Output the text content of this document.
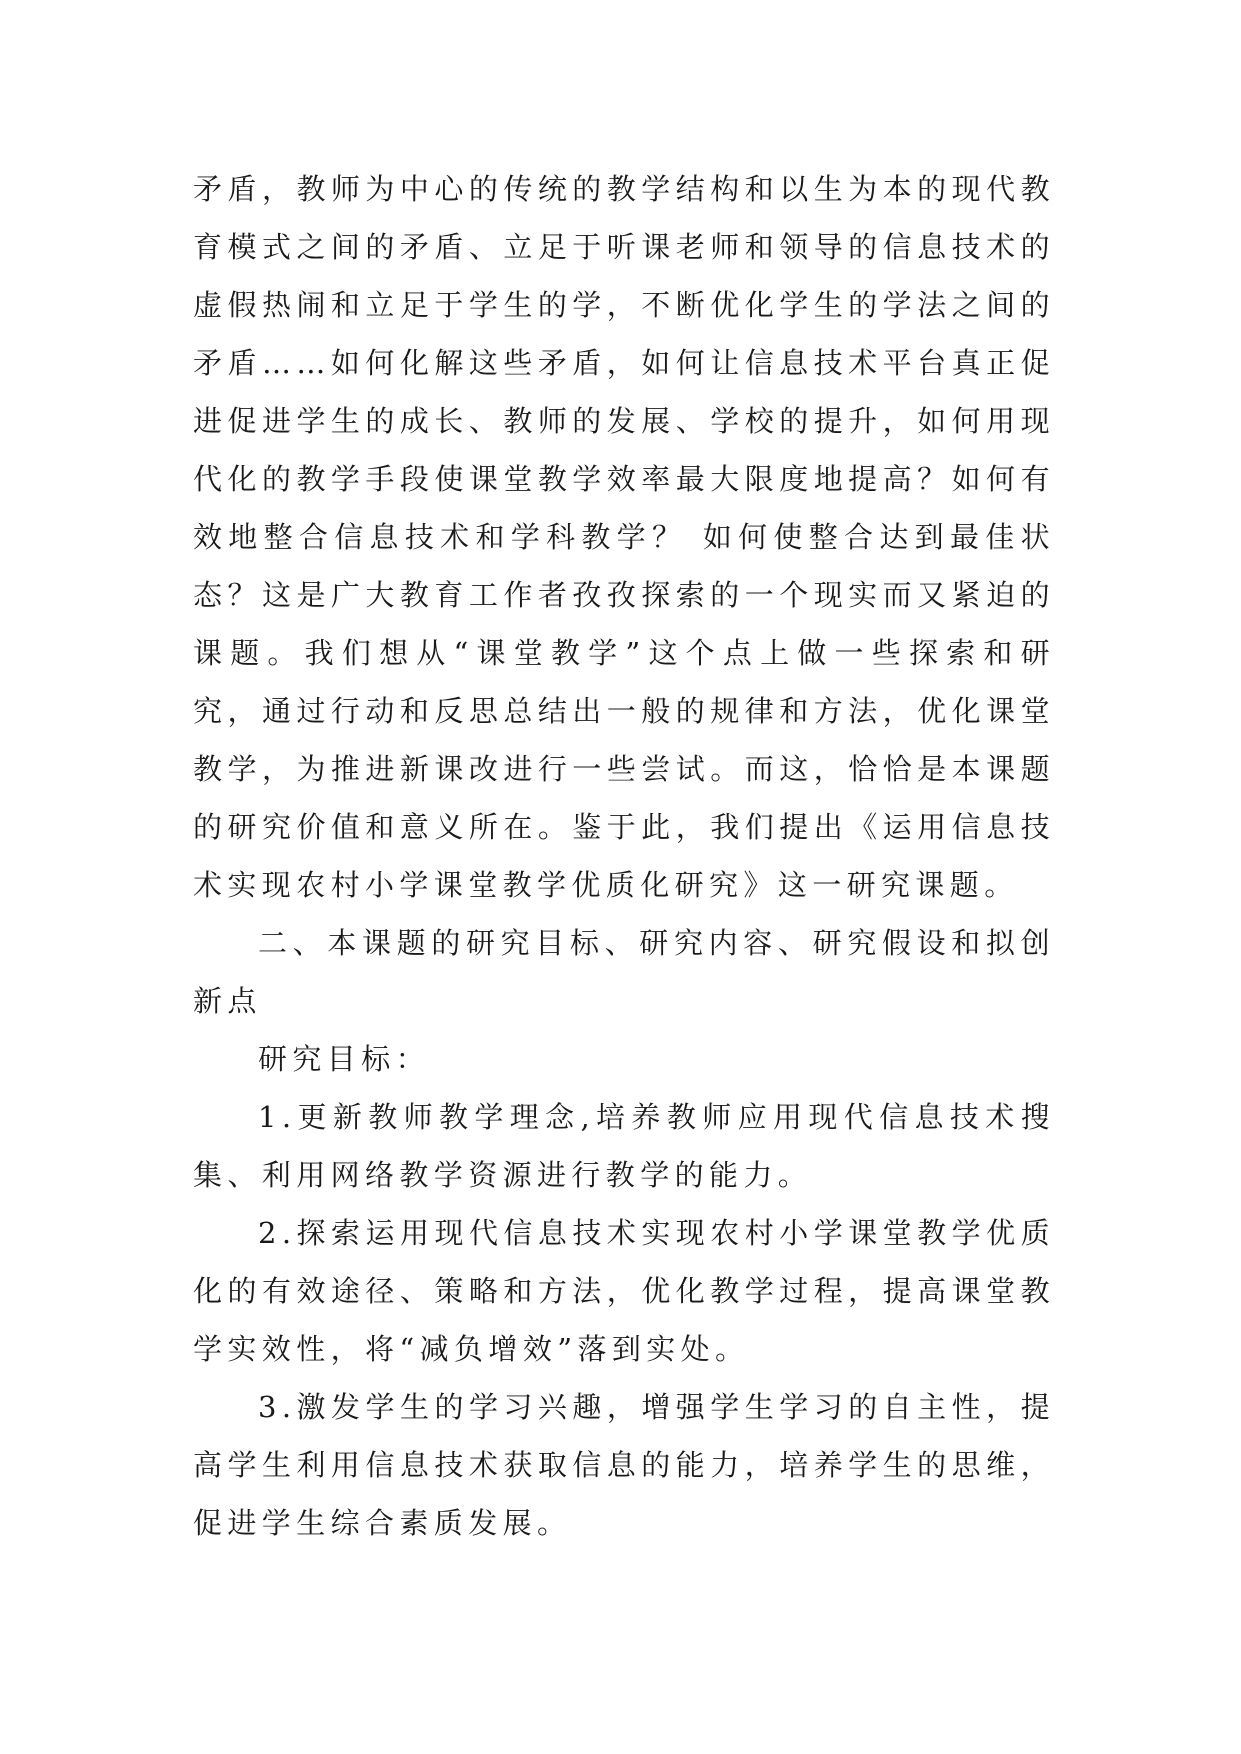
矛盾，教师为中心的传统的教学结构和以生为本的现代教育模式之间的矛盾、立足于听课老师和领导的信息技术的虚假热闹和立足于学生的学，不断优化学生的学法之间的矛盾……如何化解这些矛盾，如何让信息技术平台真正促进促进学生的成长、教师的发展、学校的提升，如何用现代化的教学手段使课堂教学效率最大限度地提高？如何有效地整合信息技术和学科教学？ 如何使整合达到最佳状态？这是广大教育工作者孜孜探索的一个现实而又紧迫的课题。我们想从“课堂教学”这个点上做一些探索和研究，通过行动和反思总结出一般的规律和方法，优化课堂教学，为推进新课改进行一些尝试。而这，恰恰是本课题的研究价值和意义所在。鉴于此，我们提出《运用信息技术实现农村小学课堂教学优质化研究》这一研究课题。

二、本课题的研究目标、研究内容、研究假设和拟创新点

研究目标：

1.更新教师教学理念,培养教师应用现代信息技术搜集、利用网络教学资源进行教学的能力。

2.探索运用现代信息技术实现农村小学课堂教学优质化的有效途径、策略和方法，优化教学过程，提高课堂教学实效性，将“减负增效”落到实处。

3.激发学生的学习兴趣，增强学生学习的自主性，提高学生利用信息技术获取信息的能力，培养学生的思维，促进学生综合素质发展。
